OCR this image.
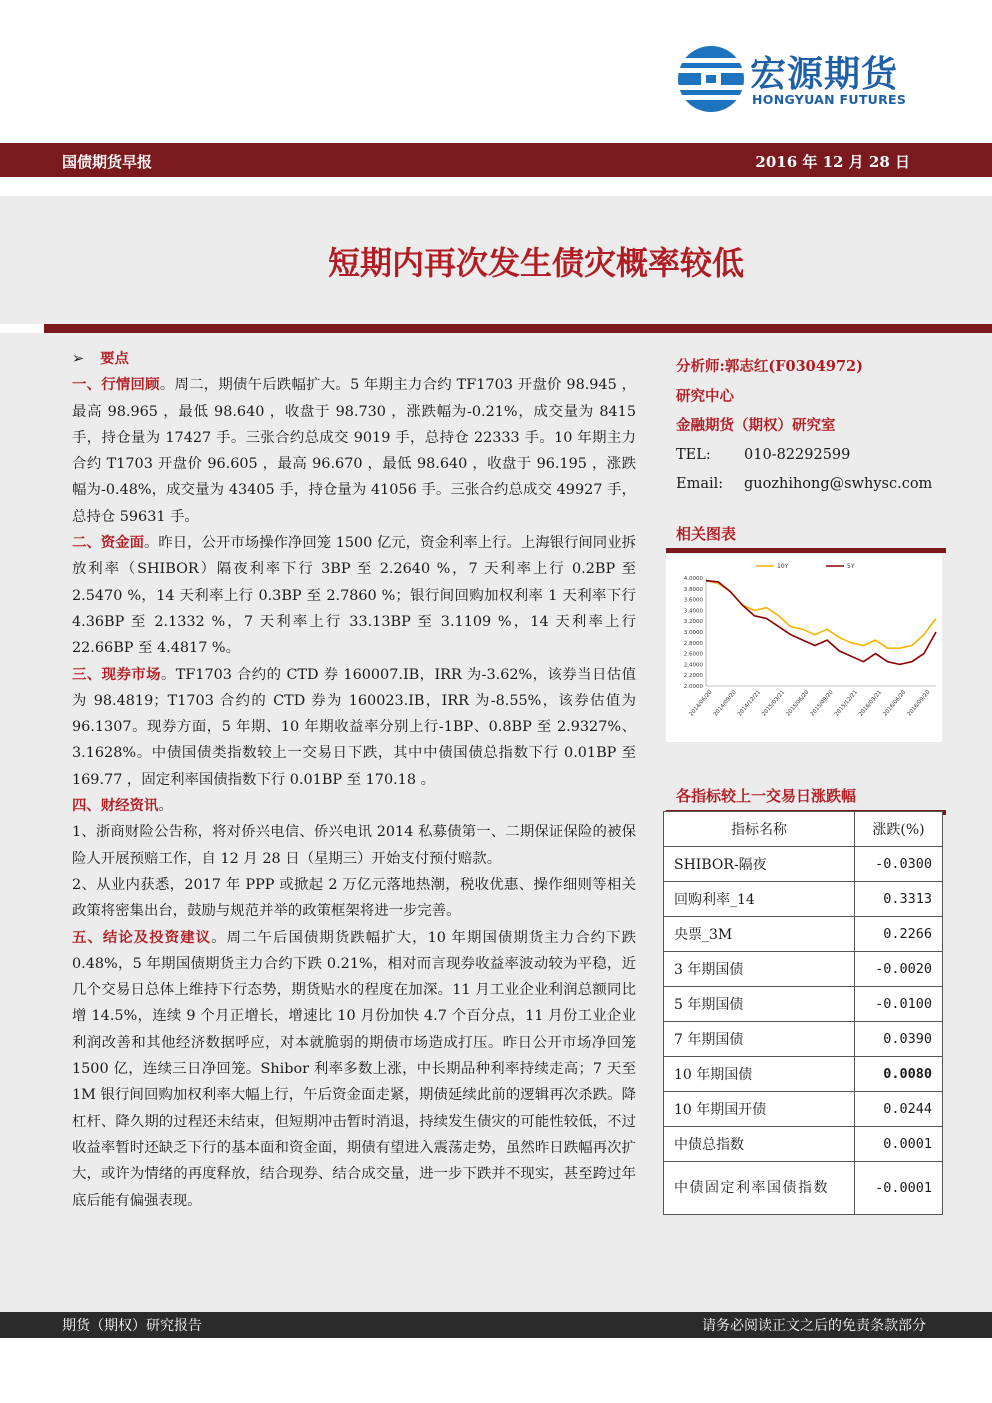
宏源期货
HONGYUAN FUTURES
国债期货早报	2016 年 12 月 28 日
短期内再次发生债灾概率较低

➢ 要点

一、行情回顾。周二，期债午后跌幅扩大。5 年期主力合约 TF1703 开盘价 98.945 ，最高 98.965 ，最低 98.640 ，收盘于 98.730 ，涨跌幅为-0.21%，成交量为 8415 手，持仓量为 17427 手。三张合约总成交 9019 手，总持仓 22333 手。10 年期主力合约 T1703 开盘价 96.605 ，最高 96.670 ，最低 98.640 ，收盘于 96.195 ，涨跌幅为-0.48%，成交量为 43405 手，持仓量为 41056 手。三张合约总成交 49927 手，总持仓 59631 手。

二、资金面。昨日，公开市场操作净回笼 1500 亿元，资金利率上行。上海银行间同业拆放利率（SHIBOR）隔夜利率下行 3BP 至 2.2640 %，7 天利率上行 0.2BP 至 2.5470 %，14 天利率上行 0.3BP 至 2.7860 %；银行间回购加权利率 1 天利率下行 4.36BP 至 2.1332 %，7 天利率上行 33.13BP 至 3.1109 %，14 天利率上行 22.66BP 至 4.4817 %。

三、现券市场。TF1703 合约的 CTD 券 160007.IB，IRR 为-3.62%，该券当日估值为 98.4819；T1703 合约的 CTD 券为 160023.IB，IRR 为-8.55%，该券估值为 96.1307。现券方面，5 年期、10 年期收益率分别上行-1BP、0.8BP 至 2.9327%、3.1628%。中债国债类指数较上一交易日下跌，其中中债国债总指数下行 0.01BP 至 169.77 ，固定利率国债指数下行 0.01BP 至 170.18 。

四、财经资讯。

1、浙商财险公告称，将对侨兴电信、侨兴电讯 2014 私募债第一、二期保证保险的被保险人开展预赔工作，自 12 月 28 日（星期三）开始支付预付赔款。

2、从业内获悉，2017 年 PPP 或掀起 2 万亿元落地热潮，税收优惠、操作细则等相关政策将密集出台，鼓励与规范并举的政策框架将进一步完善。

五、结论及投资建议。周二午后国债期货跌幅扩大，10 年期国债期货主力合约下跌 0.48%，5 年期国债期货主力合约下跌 0.21%，相对而言现券收益率波动较为平稳，近几个交易日总体上维持下行态势，期货贴水的程度在加深。11 月工业企业利润总额同比增 14.5%，连续 9 个月正增长，增速比 10 月份加快 4.7 个百分点，11 月份工业企业利润改善和其他经济数据呼应，对本就脆弱的期债市场造成打压。昨日公开市场净回笼 1500 亿，连续三日净回笼。Shibor 利率多数上涨，中长期品种利率持续走高；7 天至 1M 银行间回购加权利率大幅上行，午后资金面走紧，期债延续此前的逻辑再次杀跌。降杠杆、降久期的过程还未结束，但短期冲击暂时消退，持续发生债灾的可能性较低，不过收益率暂时还缺乏下行的基本面和资金面，期债有望进入震荡走势，虽然昨日跌幅再次扩大，或许为情绪的再度释放，结合现券、结合成交量，进一步下跌并不现实，甚至跨过年底后能有偏强表现。

分析师:郭志红(F0304972)
研究中心
金融期货（期权）研究室
TEL: 010-82292599
Email: guozhihong@swhysc.com
相关图表
4.0000
3.8000
3.6000
3.4000
3.2000
3.0000
2.8000
2.6000
2.4000
2.2000
2.0000
2014/06/20 2014/09/20 2014/12/21 2015/03/21 2015/06/20 2015/09/20 2015/12/21 2016/03/21 2016/06/20 2016/09/20
10Y	5Y
各指标较上一交易日涨跌幅
指标名称	涨跌(%)
SHIBOR-隔夜	-0.0300
回购利率_14	0.3313
央票_3M	0.2266
3 年期国债	-0.0020
5 年期国债	-0.0100
7 年期国债	0.0390
10 年期国债	0.0080
10 年期国开债	0.0244
中债总指数	0.0001
中债固定利率国债指数	-0.0001
期货（期权）研究报告	请务必阅读正文之后的免责条款部分
